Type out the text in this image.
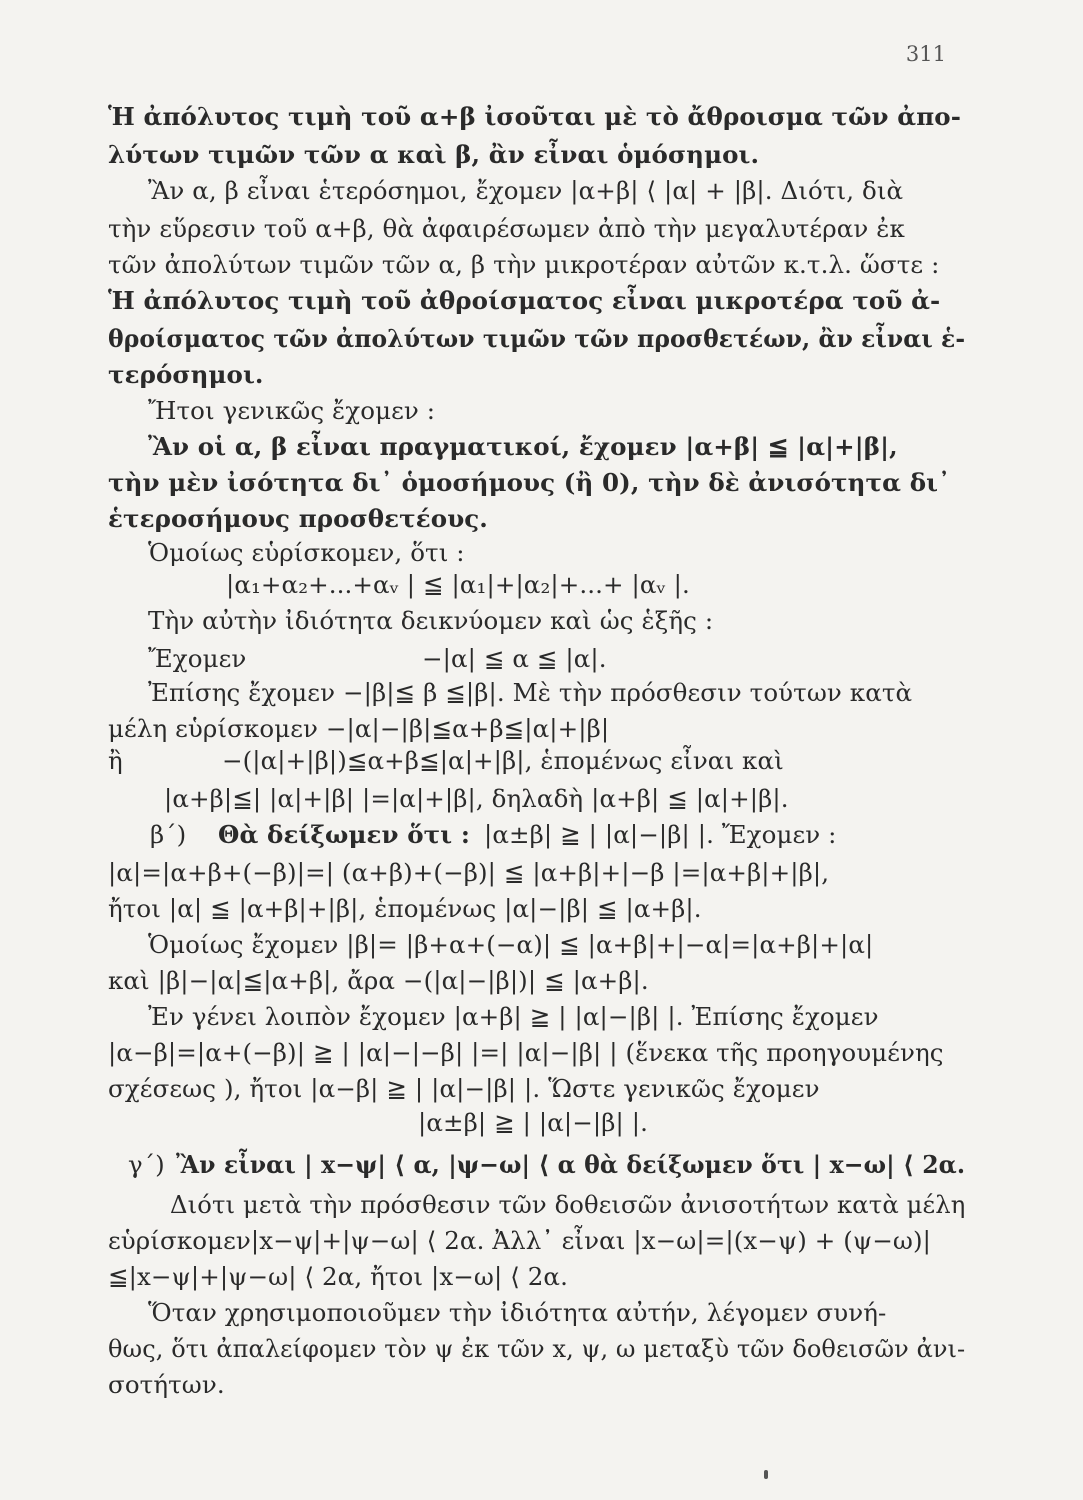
311
Ἡ ἀπόλυτος τιμὴ τοῦ α+β ἰσοῦται μὲ τὸ ἄθροισμα τῶν ἀπο-
λύτων τιμῶν τῶν α καὶ β, ἂν εἶναι ὁμόσημοι.
Ἂν α, β εἶναι ἑτερόσημοι, ἔχομεν |α+β| ⟨ |α| + |β|. Διότι, διὰ
τὴν εὕρεσιν τοῦ α+β, θὰ ἀφαιρέσωμεν ἀπὸ τὴν μεγαλυτέραν ἐκ
τῶν ἀπολύτων τιμῶν τῶν α, β τὴν μικροτέραν αὐτῶν κ.τ.λ. ὥστε :
Ἡ ἀπόλυτος τιμὴ τοῦ ἀθροίσματος εἶναι μικροτέρα τοῦ ἀ-
θροίσματος τῶν ἀπολύτων τιμῶν τῶν προσθετέων, ἂν εἶναι ἑ-
τερόσημοι.
Ἤτοι γενικῶς ἔχομεν :
Ἂν οἱ α, β εἶναι πραγματικοί, ἔχομεν |α+β| ≦ |α|+|β|,
τὴν μὲν ἰσότητα δι᾽ ὁμοσήμους (ἢ 0), τὴν δὲ ἀνισότητα δι᾽
ἑτεροσήμους προσθετέους.
Ὁμοίως εὑρίσκομεν, ὅτι :
|α₁+α₂+...+αᵥ | ≦ |α₁|+|α₂|+...+ |αᵥ |.
Τὴν αὐτὴν ἰδιότητα δεικνύομεν καὶ ὡς ἑξῆς :
Ἔχομεν	−|α| ≦ α ≦ |α|.
Ἐπίσης ἔχομεν −|β|≦ β ≦|β|. Μὲ τὴν πρόσθεσιν τούτων κατὰ
μέλη εὑρίσκομεν −|α|−|β|≦α+β≦|α|+|β|
ἢ	−(|α|+|β|)≦α+β≦|α|+|β|, ἑπομένως εἶναι καὶ
|α+β|≦| |α|+|β| |=|α|+|β|, δηλαδὴ |α+β| ≦ |α|+|β|.
β΄) Θὰ δείξωμεν ὅτι : |α±β| ≧ | |α|−|β| |. Ἔχομεν :
|α|=|α+β+(−β)|=| (α+β)+(−β)| ≦ |α+β|+|−β |=|α+β|+|β|,
ἤτοι |α| ≦ |α+β|+|β|, ἑπομένως |α|−|β| ≦ |α+β|.
Ὁμοίως ἔχομεν |β|= |β+α+(−α)| ≦ |α+β|+|−α|=|α+β|+|α|
καὶ |β|−|α|≦|α+β|, ἄρα −(|α|−|β|)| ≦ |α+β|.
Ἐν γένει λοιπὸν ἔχομεν |α+β| ≧ | |α|−|β| |. Ἐπίσης ἔχομεν
|α−β|=|α+(−β)| ≧ | |α|−|−β| |=| |α|−|β| | (ἕνεκα τῆς προηγουμένης
σχέσεως ), ἤτοι |α−β| ≧ | |α|−|β| |. Ὥστε γενικῶς ἔχομεν
|α±β| ≧ | |α|−|β| |.
γ΄) Ἂν εἶναι | x−ψ| ⟨ α, |ψ−ω| ⟨ α θὰ δείξωμεν ὅτι | x−ω| ⟨ 2α.
Διότι μετὰ τὴν πρόσθεσιν τῶν δοθεισῶν ἀνισοτήτων κατὰ μέλη
εὑρίσκομεν|x−ψ|+|ψ−ω| ⟨ 2α. Ἀλλ᾽ εἶναι |x−ω|=|(x−ψ) + (ψ−ω)|
≦|x−ψ|+|ψ−ω| ⟨ 2α, ἤτοι |x−ω| ⟨ 2α.
Ὅταν χρησιμοποιοῦμεν τὴν ἰδιότητα αὐτήν, λέγομεν συνή-
θως, ὅτι ἀπαλείφομεν τὸν ψ ἐκ τῶν x, ψ, ω μεταξὺ τῶν δοθεισῶν ἀνι-
σοτήτων.
